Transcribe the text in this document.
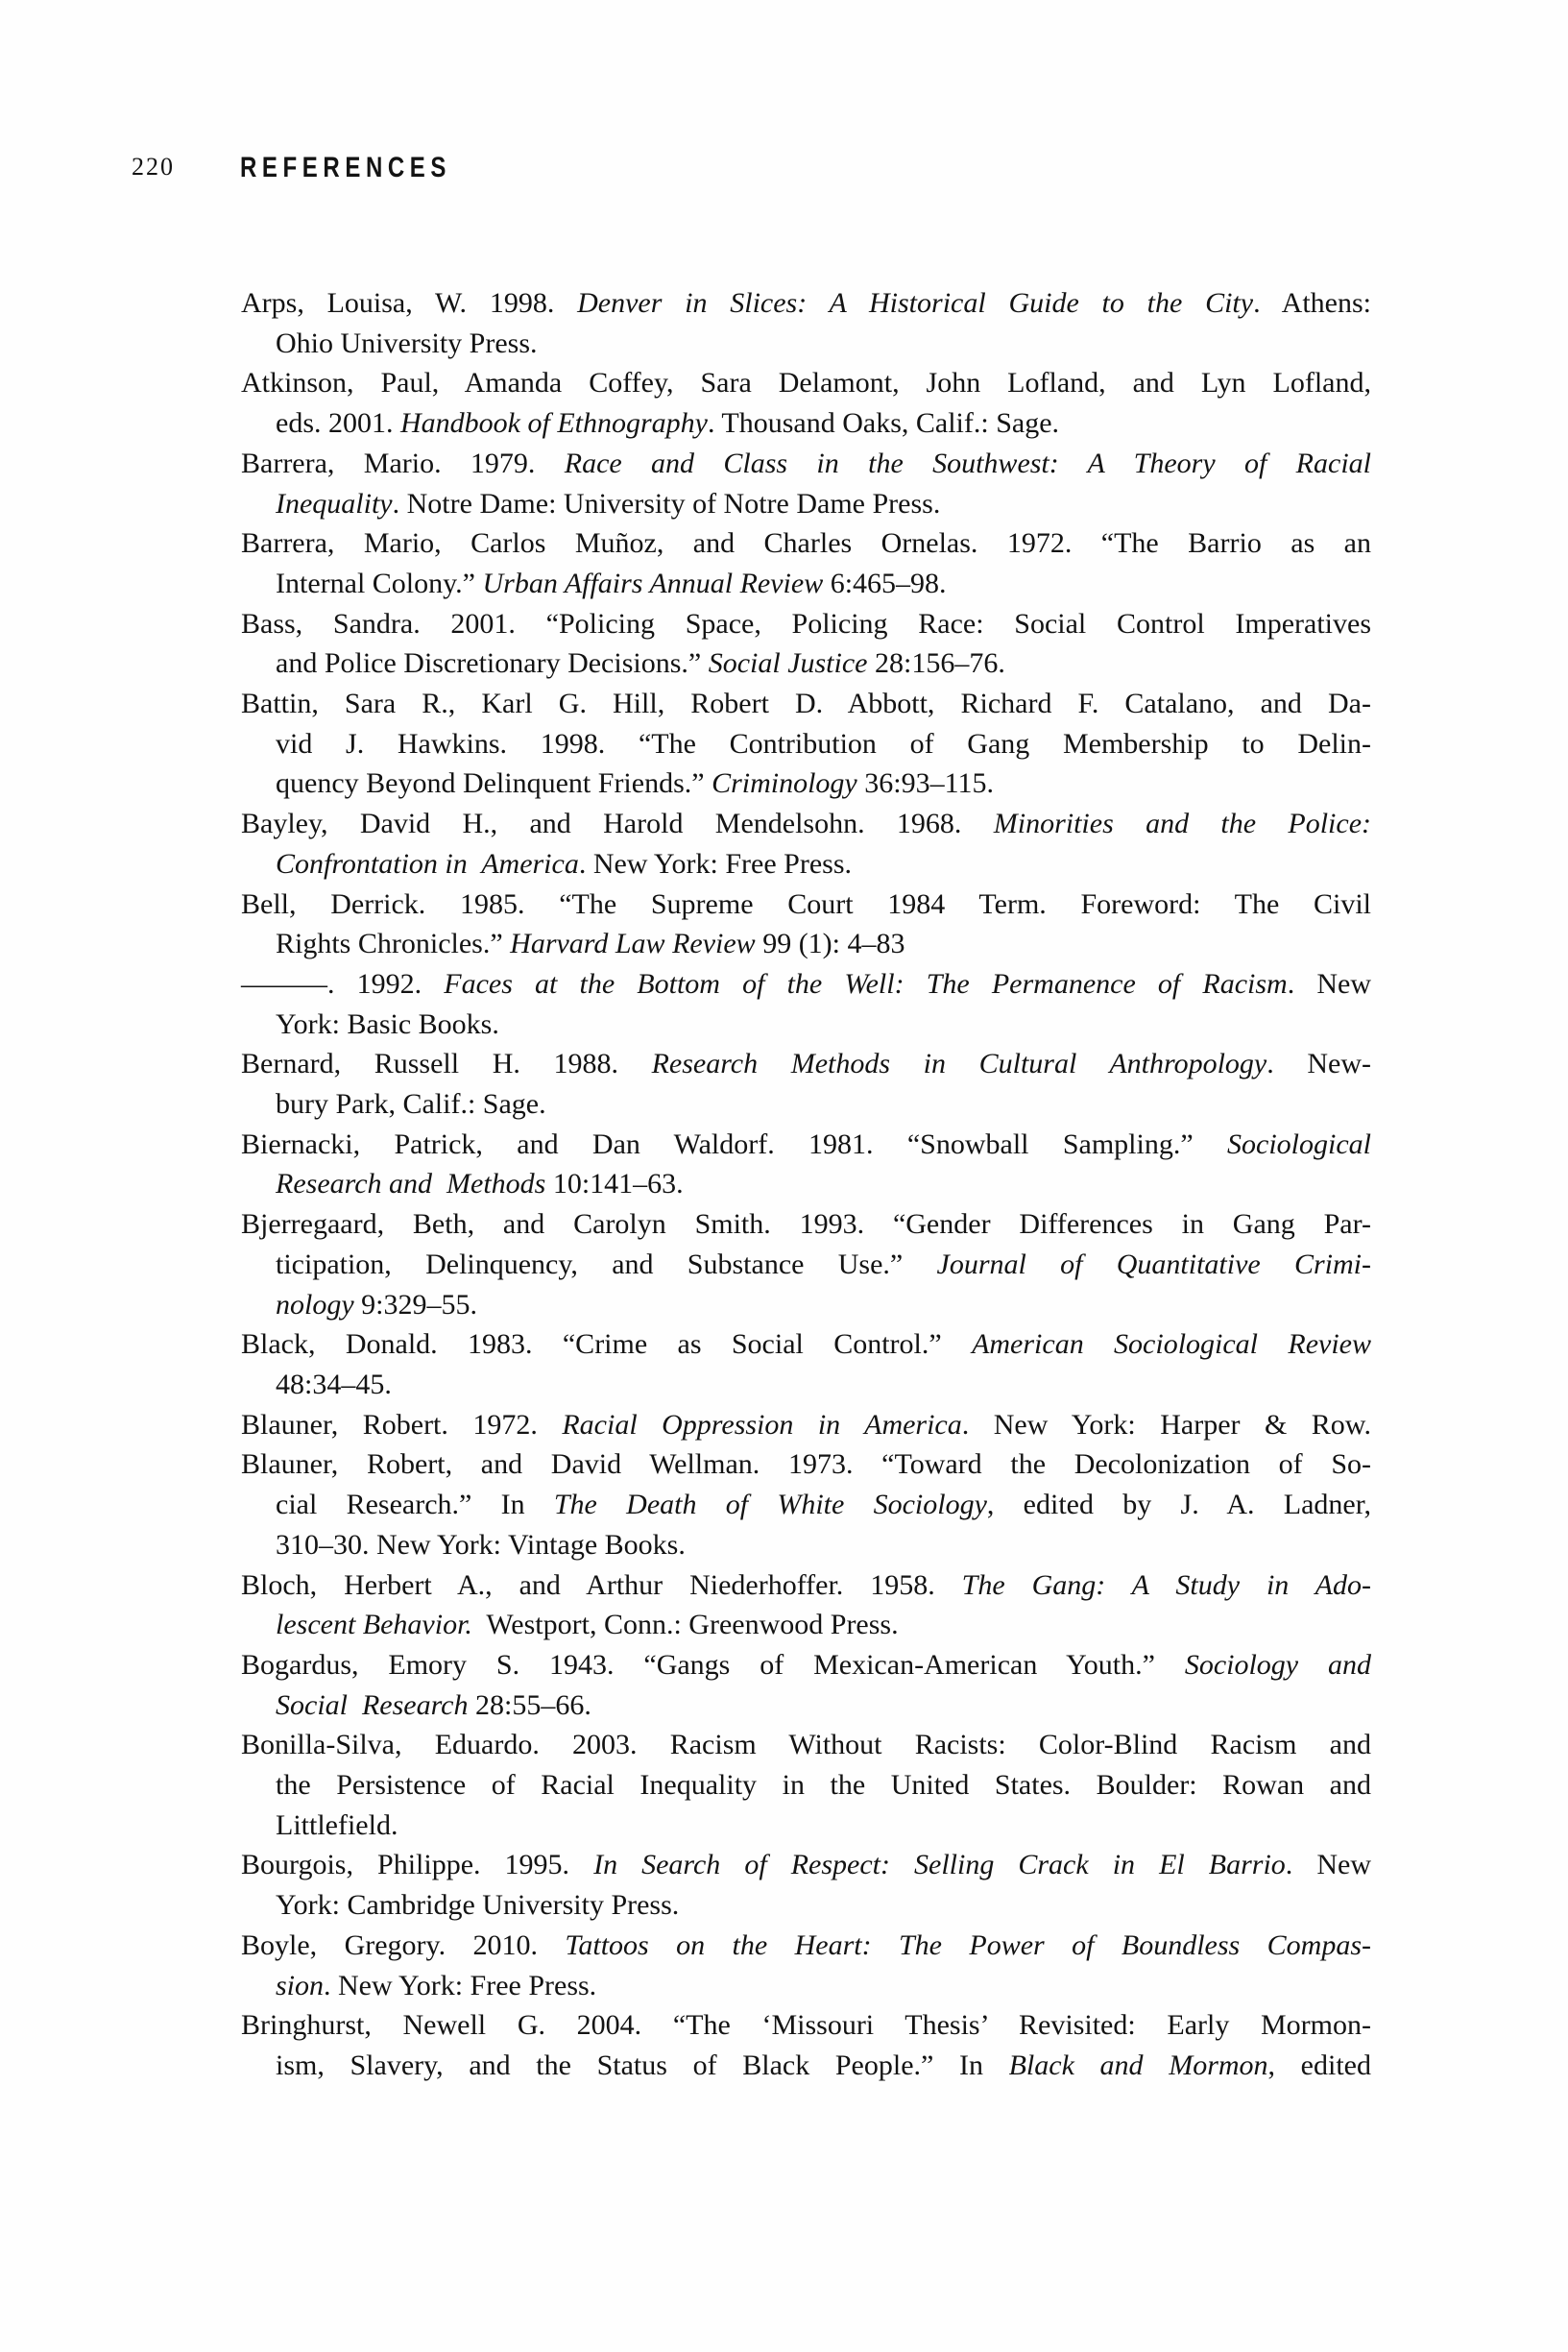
220 REFERENCES
Arps, Louisa, W. 1998. Denver in Slices: A Historical Guide to the City. Athens:
Ohio University Press.
Atkinson, Paul, Amanda Coffey, Sara Delamont, John Lofland, and Lyn Lofland,
eds. 2001. Handbook of Ethnography. Thousand Oaks, Calif.: Sage.
Barrera, Mario. 1979. Race and Class in the Southwest: A Theory of Racial
Inequality. Notre Dame: University of Notre Dame Press.
Barrera, Mario, Carlos Muñoz, and Charles Ornelas. 1972. “The Barrio as an
Internal Colony.” Urban Affairs Annual Review 6:465–98.
Bass, Sandra. 2001. “Policing Space, Policing Race: Social Control Imperatives
and Police Discretionary Decisions.” Social Justice 28:156–76.
Battin, Sara R., Karl G. Hill, Robert D. Abbott, Richard F. Catalano, and Da-
vid J. Hawkins. 1998. “The Contribution of Gang Membership to Delin-
quency Beyond Delinquent Friends.” Criminology 36:93–115.
Bayley, David H., and Harold Mendelsohn. 1968. Minorities and the Police:
Confrontation in  America. New York: Free Press.
Bell, Derrick. 1985. “The Supreme Court 1984 Term. Foreword: The Civil
Rights Chronicles.” Harvard Law Review 99 (1): 4–83
———. 1992. Faces at the Bottom of the Well: The Permanence of Racism. New
York: Basic Books.
Bernard, Russell H. 1988. Research Methods in Cultural Anthropology. New-
bury Park, Calif.: Sage.
Biernacki, Patrick, and Dan Waldorf. 1981. “Snowball Sampling.” Sociological
Research and  Methods 10:141–63.
Bjerregaard, Beth, and Carolyn Smith. 1993. “Gender Differences in Gang Par-
ticipation, Delinquency, and Substance Use.” Journal of Quantitative Crimi-
nology 9:329–55.
Black, Donald. 1983. “Crime as Social Control.” American Sociological Review
48:34–45.
Blauner, Robert. 1972. Racial Oppression in America. New York: Harper & Row.
Blauner, Robert, and David Wellman. 1973. “Toward the Decolonization of So-
cial Research.” In The Death of White Sociology, edited by J. A. Ladner,
310–30. New York: Vintage Books.
Bloch, Herbert A., and Arthur Niederhoffer. 1958. The Gang: A Study in Ado-
lescent Behavior.  Westport, Conn.: Greenwood Press.
Bogardus, Emory S. 1943. “Gangs of Mexican-American Youth.” Sociology and
Social  Research 28:55–66.
Bonilla-Silva, Eduardo. 2003. Racism Without Racists: Color-Blind Racism and
the Persistence of Racial Inequality in the United States. Boulder: Rowan and
Littlefield.
Bourgois, Philippe. 1995. In Search of Respect: Selling Crack in El Barrio. New
York: Cambridge University Press.
Boyle, Gregory. 2010. Tattoos on the Heart: The Power of Boundless Compas-
sion. New York: Free Press.
Bringhurst, Newell G. 2004. “The ‘Missouri Thesis’ Revisited: Early Mormon-
ism, Slavery, and the Status of Black People.” In Black and Mormon, edited
